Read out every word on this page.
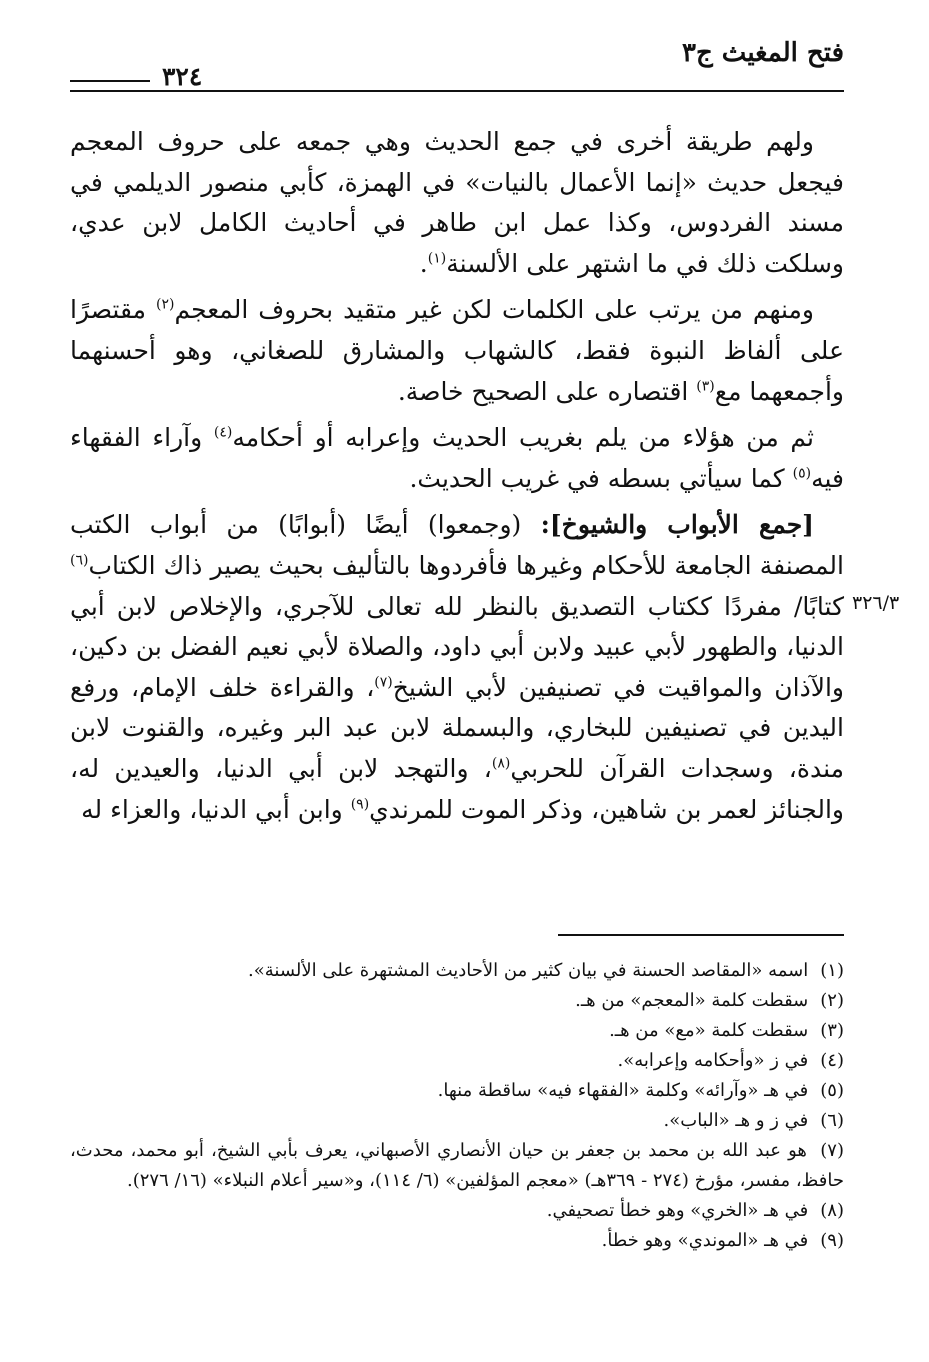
فتح المغيث ج٣
٣٢٤
٣٢٦/٣

ولهم طريقة أخرى في جمع الحديث وهي جمعه على حروف المعجم فيجعل حديث «إنما الأعمال بالنيات» في الهمزة، كأبي منصور الديلمي في مسند الفردوس، وكذا عمل ابن طاهر في أحاديث الكامل لابن عدي، وسلكت ذلك في ما اشتهر على الألسنة$^{(١)}$.

ومنهم من يرتب على الكلمات لكن غير متقيد بحروف المعجم$^{(٢)}$ مقتصرًا على ألفاظ النبوة فقط، كالشهاب والمشارق للصغاني، وهو أحسنهما وأجمعهما مع$^{(٣)}$ اقتصاره على الصحيح خاصة.

ثم من هؤلاء من يلم بغريب الحديث وإعرابه أو أحكامه$^{(٤)}$ وآراء الفقهاء فيه$^{(٥)}$ كما سيأتي بسطه في غريب الحديث.

[جمع الأبواب والشيوخ]: (وجمعوا) أيضًا (أبوابًا) من أبواب الكتب المصنفة الجامعة للأحكام وغيرها فأفردوها بالتأليف بحيث يصير ذاك الكتاب$^{(٦)}$ كتابًا/ مفردًا ككتاب التصديق بالنظر لله تعالى للآجري، والإخلاص لابن أبي الدنيا، والطهور لأبي عبيد ولابن أبي داود، والصلاة لأبي نعيم الفضل بن دكين، والآذان والمواقيت في تصنيفين لأبي الشيخ$^{(٧)}$، والقراءة خلف الإمام، ورفع اليدين في تصنيفين للبخاري، والبسملة لابن عبد البر وغيره، والقنوت لابن مندة، وسجدات القرآن للحربي$^{(٨)}$، والتهجد لابن أبي الدنيا، والعيدين له، والجنائز لعمر بن شاهين، وذكر الموت للمرندي$^{(٩)}$ وابن أبي الدنيا، والعزاء له

(١) اسمه «المقاصد الحسنة في بيان كثير من الأحاديث المشتهرة على الألسنة».

(٢) سقطت كلمة «المعجم» من هـ.

(٣) سقطت كلمة «مع» من هـ.

(٤) في ز «وأحكامه وإعرابه».

(٥) في هـ «وآرائه» وكلمة «الفقهاء فيه» ساقطة منها.

(٦) في ز و هـ «الباب».

(٧) هو عبد الله بن محمد بن جعفر بن حيان الأنصاري الأصبهاني، يعرف بأبي الشيخ، أبو محمد، محدث، حافظ، مفسر، مؤرخ (٢٧٤ - ٣٦٩هـ) «معجم المؤلفين» (٦/ ١١٤)، و«سير أعلام النبلاء» (١٦/ ٢٧٦).

(٨) في هـ «الخري» وهو خطأ تصحيفي.

(٩) في هـ «الموندي» وهو خطأ.
